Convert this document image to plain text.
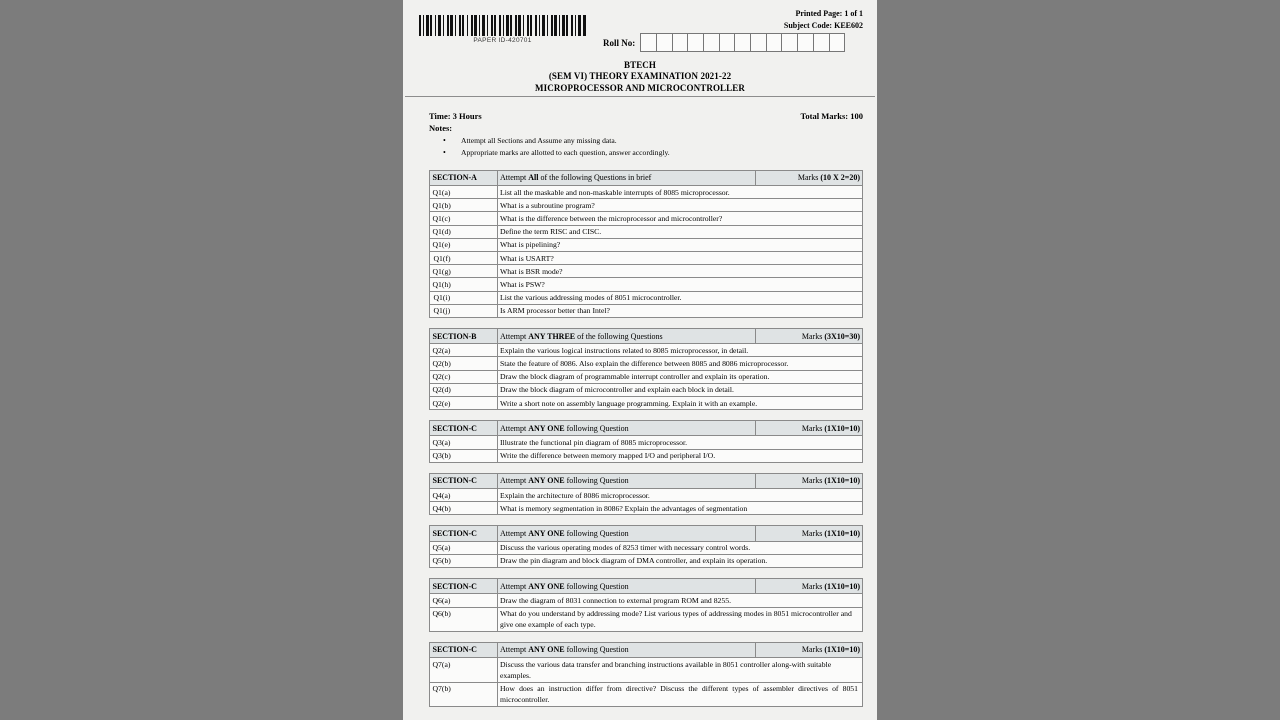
PAPER ID-420701
Printed Page: 1 of 1
Subject Code: KEE602
Roll No:
BTECH
(SEM VI) THEORY EXAMINATION 2021-22
MICROPROCESSOR AND MICROCONTROLLER
Time: 3 Hours	Total Marks: 100
Notes:
• Attempt all Sections and Assume any missing data.
• Appropriate marks are allotted to each question, answer accordingly.
SECTION-A	Attempt All of the following Questions in brief	Marks (10 X 2=20)
Q1(a)	List all the maskable and non-maskable interrupts of 8085 microprocessor.	
Q1(b)	What is a subroutine program?	
Q1(c)	What is the difference between the microprocessor and microcontroller?	
Q1(d)	Define the term RISC and CISC.	
Q1(e)	What is pipelining?	
Q1(f)	What is USART?	
Q1(g)	What is BSR mode?	
Q1(h)	What is PSW?	
Q1(i)	List the various addressing modes of 8051 microcontroller.	
Q1(j)	Is ARM processor better than Intel?	
SECTION-B	Attempt ANY THREE of the following Questions	Marks (3X10=30)
Q2(a)	Explain the various logical instructions related to 8085 microprocessor, in detail.	
Q2(b)	State the feature of 8086. Also explain the difference between 8085 and 8086 microprocessor.	
Q2(c)	Draw the block diagram of programmable interrupt controller and explain its operation.	
Q2(d)	Draw the block diagram of microcontroller and explain each block in detail.	
Q2(e)	Write a short note on assembly language programming. Explain it with an example.	
SECTION-C	Attempt ANY ONE following Question	Marks (1X10=10)
Q3(a)	Illustrate the functional pin diagram of 8085 microprocessor.	
Q3(b)	Write the difference between memory mapped I/O and peripheral I/O.	
SECTION-C	Attempt ANY ONE following Question	Marks (1X10=10)
Q4(a)	Explain the architecture of 8086 microprocessor.	
Q4(b)	What is memory segmentation in 8086? Explain the advantages of segmentation	
SECTION-C	Attempt ANY ONE following Question	Marks (1X10=10)
Q5(a)	Discuss the various operating modes of 8253 timer with necessary control words.	
Q5(b)	Draw the pin diagram and block diagram of DMA controller, and explain its operation.	
SECTION-C	Attempt ANY ONE following Question	Marks (1X10=10)
Q6(a)	Draw the diagram of 8031 connection to external program ROM and 8255.	
Q6(b)	What do you understand by addressing mode? List various types of addressing modes in 8051 microcontroller and give one example of each type.	
SECTION-C	Attempt ANY ONE following Question	Marks (1X10=10)
Q7(a)	Discuss the various data transfer and branching instructions available in 8051 controller along-with suitable examples.	
Q7(b)	How does an instruction differ from directive? Discuss the different types of assembler directives of 8051 microcontroller.	
